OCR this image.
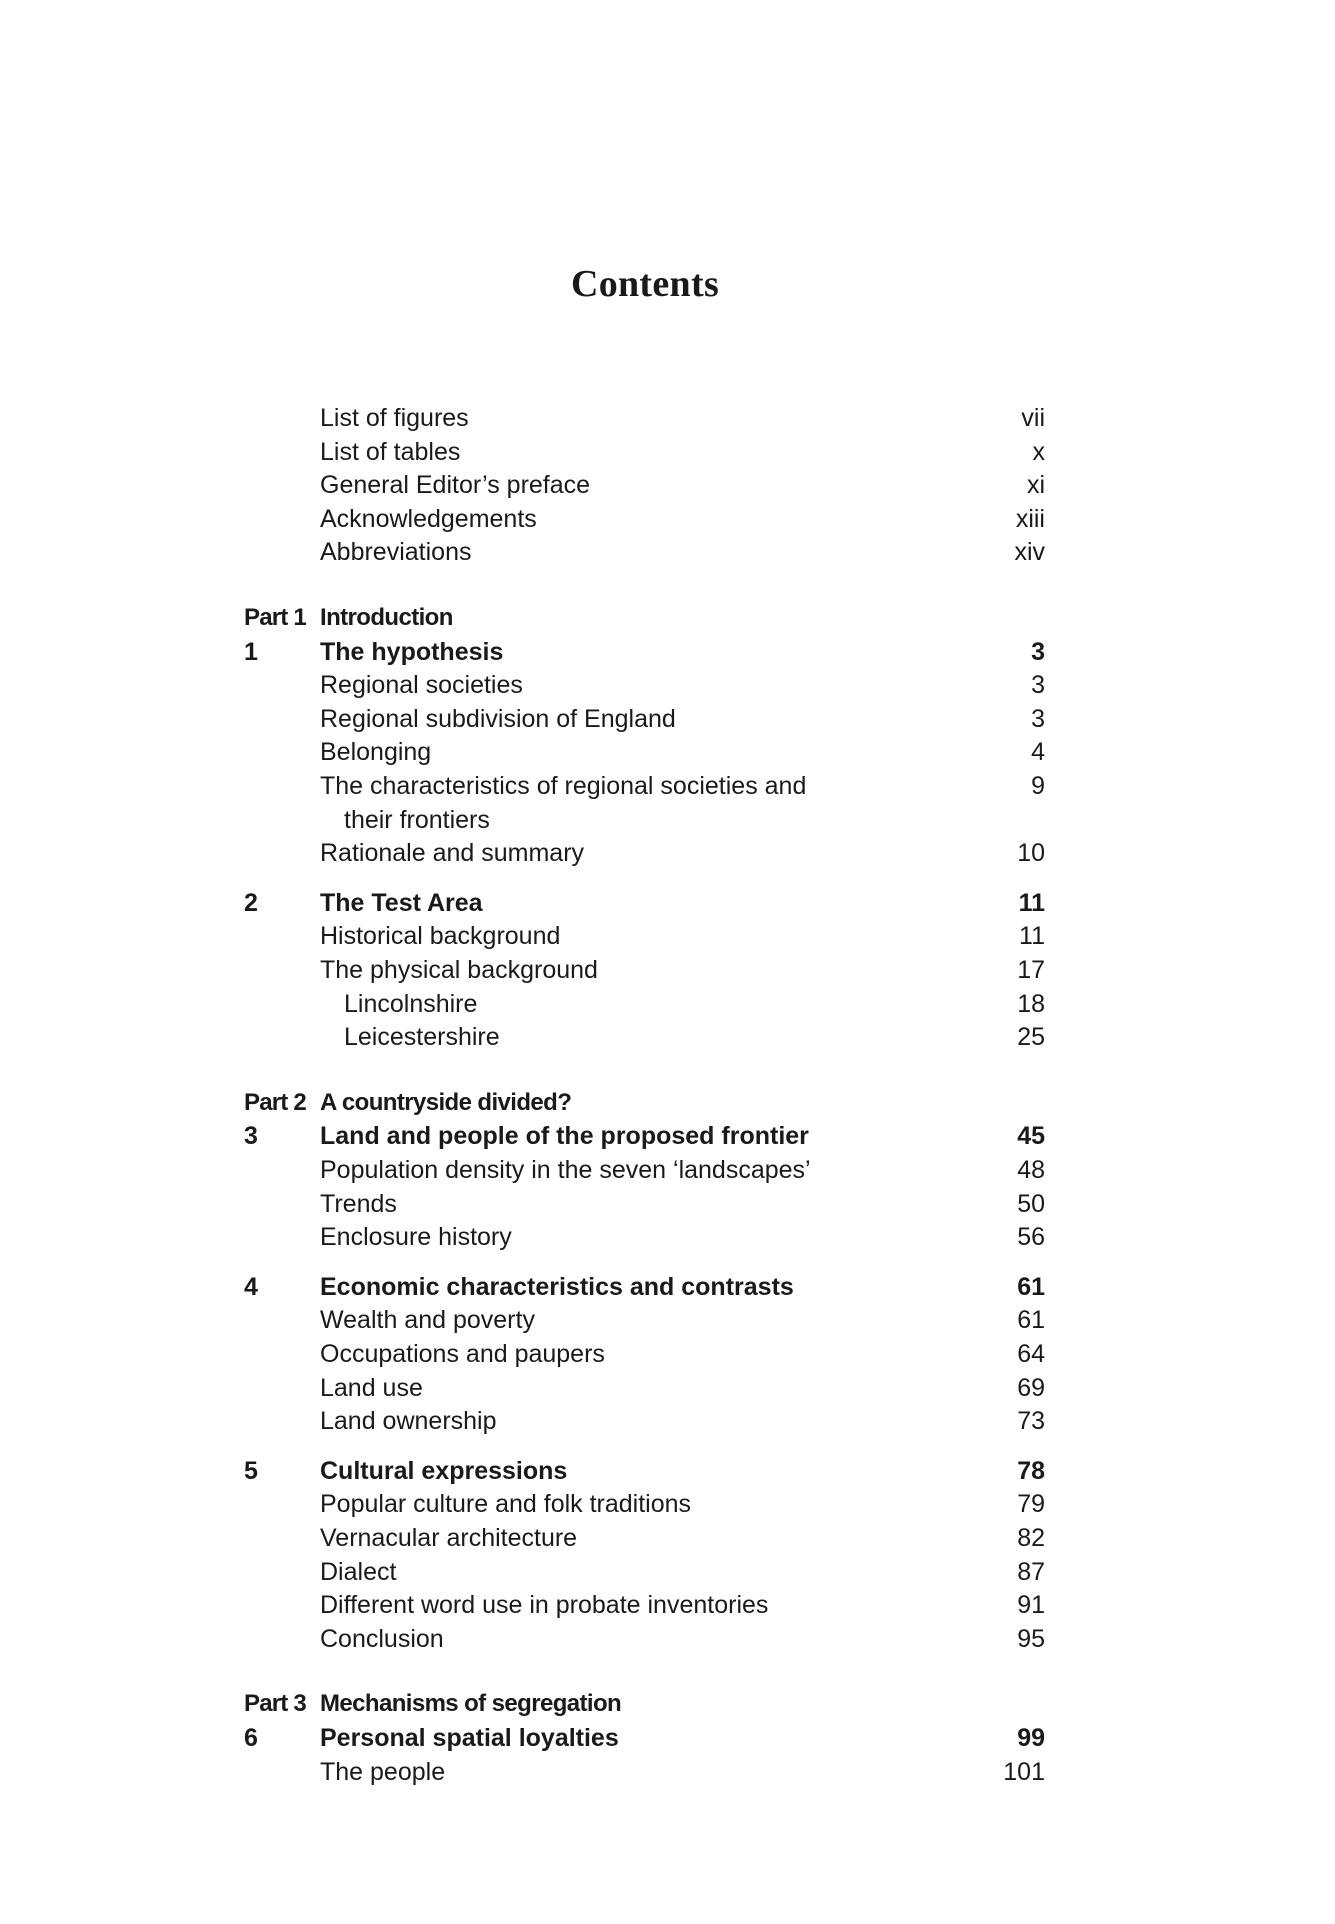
Contents
List of figures	vii
List of tables	x
General Editor’s preface	xi
Acknowledgements	xiii
Abbreviations	xiv
Part 1 Introduction
1 The hypothesis	3
Regional societies	3
Regional subdivision of England	3
Belonging	4
The characteristics of regional societies and	9
their frontiers
Rationale and summary	10
2 The Test Area	11
Historical background	11
The physical background	17
Lincolnshire	18
Leicestershire	25
Part 2 A countryside divided?
3 Land and people of the proposed frontier	45
Population density in the seven ‘landscapes’	48
Trends	50
Enclosure history	56
4 Economic characteristics and contrasts	61
Wealth and poverty	61
Occupations and paupers	64
Land use	69
Land ownership	73
5 Cultural expressions	78
Popular culture and folk traditions	79
Vernacular architecture	82
Dialect	87
Different word use in probate inventories	91
Conclusion	95
Part 3 Mechanisms of segregation
6 Personal spatial loyalties	99
The people	101
